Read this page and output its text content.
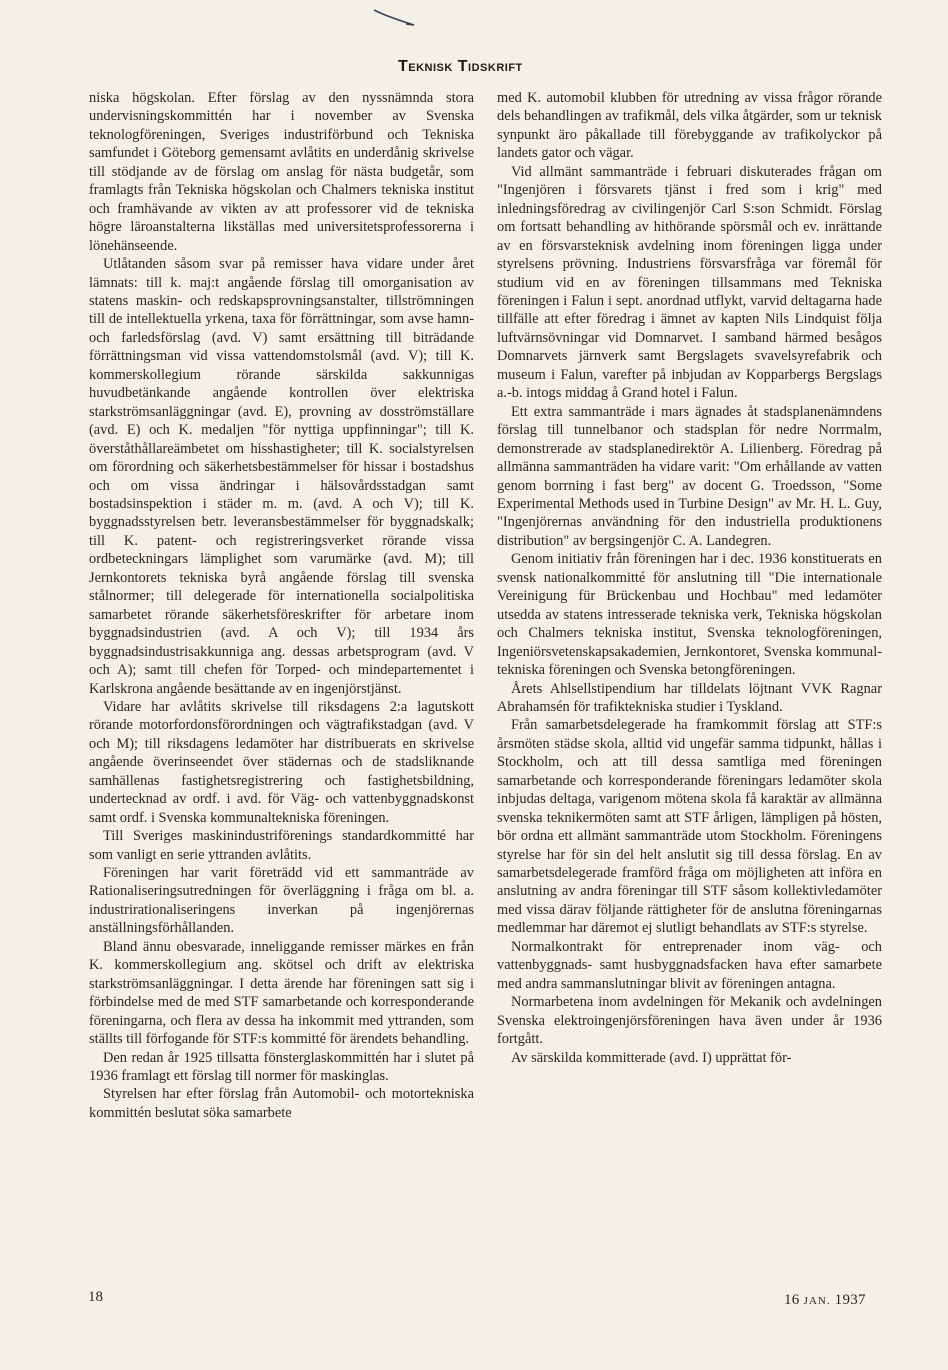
Teknisk Tidskrift

niska högskolan. Efter förslag av den nyssnämnda stora undervisningskommittén har i november av Svenska teknologföreningen, Sveriges industriförbund och Tekniska samfundet i Göteborg gemensamt avlåtits en underdånig skrivelse till stödjande av de förslag om anslag för nästa budgetår, som framlagts från Tekniska högskolan och Chalmers tekniska institut och framhävande av vikten av att professorer vid de tekniska högre läroanstalterna likställas med universitetsprofessorerna i lönehänseende.

Utlåtanden såsom svar på remisser hava vidare under året lämnats: till k. maj:t angående förslag till omorganisation av statens maskin- och redskapsprovningsanstalter, tillströmningen till de intellektuella yrkena, taxa för förrättningar, som avse hamn- och farledsförslag (avd. V) samt ersättning till biträdande förrättningsman vid vissa vattendomstolsmål (avd. V); till K. kommerskollegium rörande särskilda sakkunnigas huvudbetänkande angående kontrollen över elektriska starkströmsanläggningar (avd. E), provning av dosströmställare (avd. E) och K. medaljen "för nyttiga uppfinningar"; till K. överståthållareämbetet om hisshastigheter; till K. socialstyrelsen om förordning och säkerhetsbestämmelser för hissar i bostadshus och om vissa ändringar i hälsovårdsstadgan samt bostadsinspektion i städer m. m. (avd. A och V); till K. byggnadsstyrelsen betr. leveransbestämmelser för byggnadskalk; till K. patent- och registreringsverket rörande vissa ordbeteckningars lämplighet som varumärke (avd. M); till Jernkontorets tekniska byrå angående förslag till svenska stålnormer; till delegerade för internationella socialpolitiska samarbetet rörande säkerhetsföreskrifter för arbetare inom byggnadsindustrien (avd. A och V); till 1934 års byggnadsindustrisakkunniga ang. dessas arbetsprogram (avd. V och A); samt till chefen för Torped- och mindepartementet i Karlskrona angående besättande av en ingenjörstjänst.

Vidare har avlåtits skrivelse till riksdagens 2:a lagutskott rörande motorfordonsförordningen och vägtrafikstadgan (avd. V och M); till riksdagens ledamöter har distribuerats en skrivelse angående överinseendet över städernas och de stadsliknande samhällenas fastighetsregistrering och fastighetsbildning, undertecknad av ordf. i avd. för Väg- och vattenbyggnadskonst samt ordf. i Svenska kommunaltekniska föreningen.

Till Sveriges maskinindustriförenings standardkommitté har som vanligt en serie yttranden avlåtits.

Föreningen har varit företrädd vid ett sammanträde av Rationaliseringsutredningen för överläggning i fråga om bl. a. industrirationaliseringens inverkan på ingenjörernas anställningsförhållanden.

Bland ännu obesvarade, inneliggande remisser märkes en från K. kommerskollegium ang. skötsel och drift av elektriska starkströmsanläggningar. I detta ärende har föreningen satt sig i förbindelse med de med STF samarbetande och korresponderande föreningarna, och flera av dessa ha inkommit med yttranden, som ställts till förfogande för STF:s kommitté för ärendets behandling.

Den redan år 1925 tillsatta fönsterglaskommittén har i slutet på 1936 framlagt ett förslag till normer för maskinglas.

Styrelsen har efter förslag från Automobil- och motortekniska kommittén beslutat söka samarbete

med K. automobil klubben för utredning av vissa frågor rörande dels behandlingen av trafikmål, dels vilka åtgärder, som ur teknisk synpunkt äro påkallade till förebyggande av trafikolyckor på landets gator och vägar.

Vid allmänt sammanträde i februari diskuterades frågan om "Ingenjören i försvarets tjänst i fred som i krig" med inledningsföredrag av civilingenjör Carl S:son Schmidt. Förslag om fortsatt behandling av hithörande spörsmål och ev. inrättande av en försvarsteknisk avdelning inom föreningen ligga under styrelsens prövning. Industriens försvarsfråga var föremål för studium vid en av föreningen tillsammans med Tekniska föreningen i Falun i sept. anordnad utflykt, varvid deltagarna hade tillfälle att efter föredrag i ämnet av kapten Nils Lindquist följa luftvärnsövningar vid Domnarvet. I samband härmed besågos Domnarvets järnverk samt Bergslagets svavelsyrefabrik och museum i Falun, varefter på inbjudan av Kopparbergs Bergslags a.-b. intogs middag å Grand hotel i Falun.

Ett extra sammanträde i mars ägnades åt stadsplanenämndens förslag till tunnelbanor och stadsplan för nedre Norrmalm, demonstrerade av stadsplanedirektör A. Lilienberg. Föredrag på allmänna sammanträden ha vidare varit: "Om erhållande av vatten genom borrning i fast berg" av docent G. Troedsson, "Some Experimental Methods used in Turbine Design" av Mr. H. L. Guy, "Ingenjörernas användning för den industriella produktionens distribution" av bergsingenjör C. A. Landegren.

Genom initiativ från föreningen har i dec. 1936 konstituerats en svensk nationalkommitté för anslutning till "Die internationale Vereinigung für Brückenbau und Hochbau" med ledamöter utsedda av statens intresserade tekniska verk, Tekniska högskolan och Chalmers tekniska institut, Svenska teknologföreningen, Ingeniörsvetenskapsakademien, Jernkontoret, Svenska kommunal-tekniska föreningen och Svenska betongföreningen.

Årets Ahlsellstipendium har tilldelats löjtnant VVK Ragnar Abrahamsén för trafiktekniska studier i Tyskland.

Från samarbetsdelegerade ha framkommit förslag att STF:s årsmöten städse skola, alltid vid ungefär samma tidpunkt, hållas i Stockholm, och att till dessa samtliga med föreningen samarbetande och korresponderande föreningars ledamöter skola inbjudas deltaga, varigenom mötena skola få karaktär av allmänna svenska teknikermöten samt att STF årligen, lämpligen på hösten, bör ordna ett allmänt sammanträde utom Stockholm. Föreningens styrelse har för sin del helt anslutit sig till dessa förslag. En av samarbetsdelegerade framförd fråga om möjligheten att införa en anslutning av andra föreningar till STF såsom kollektivledamöter med vissa därav följande rättigheter för de anslutna föreningarnas medlemmar har däremot ej slutligt behandlats av STF:s styrelse.

Normalkontrakt för entreprenader inom väg- och vattenbyggnads- samt husbyggnadsfacken hava efter samarbete med andra sammanslutningar blivit av föreningen antagna.

Normarbetena inom avdelningen för Mekanik och avdelningen Svenska elektroingenjörsföreningen hava även under år 1936 fortgått.

Av särskilda kommitterade (avd. I) upprättat för-

18	16 JAN. 1937
